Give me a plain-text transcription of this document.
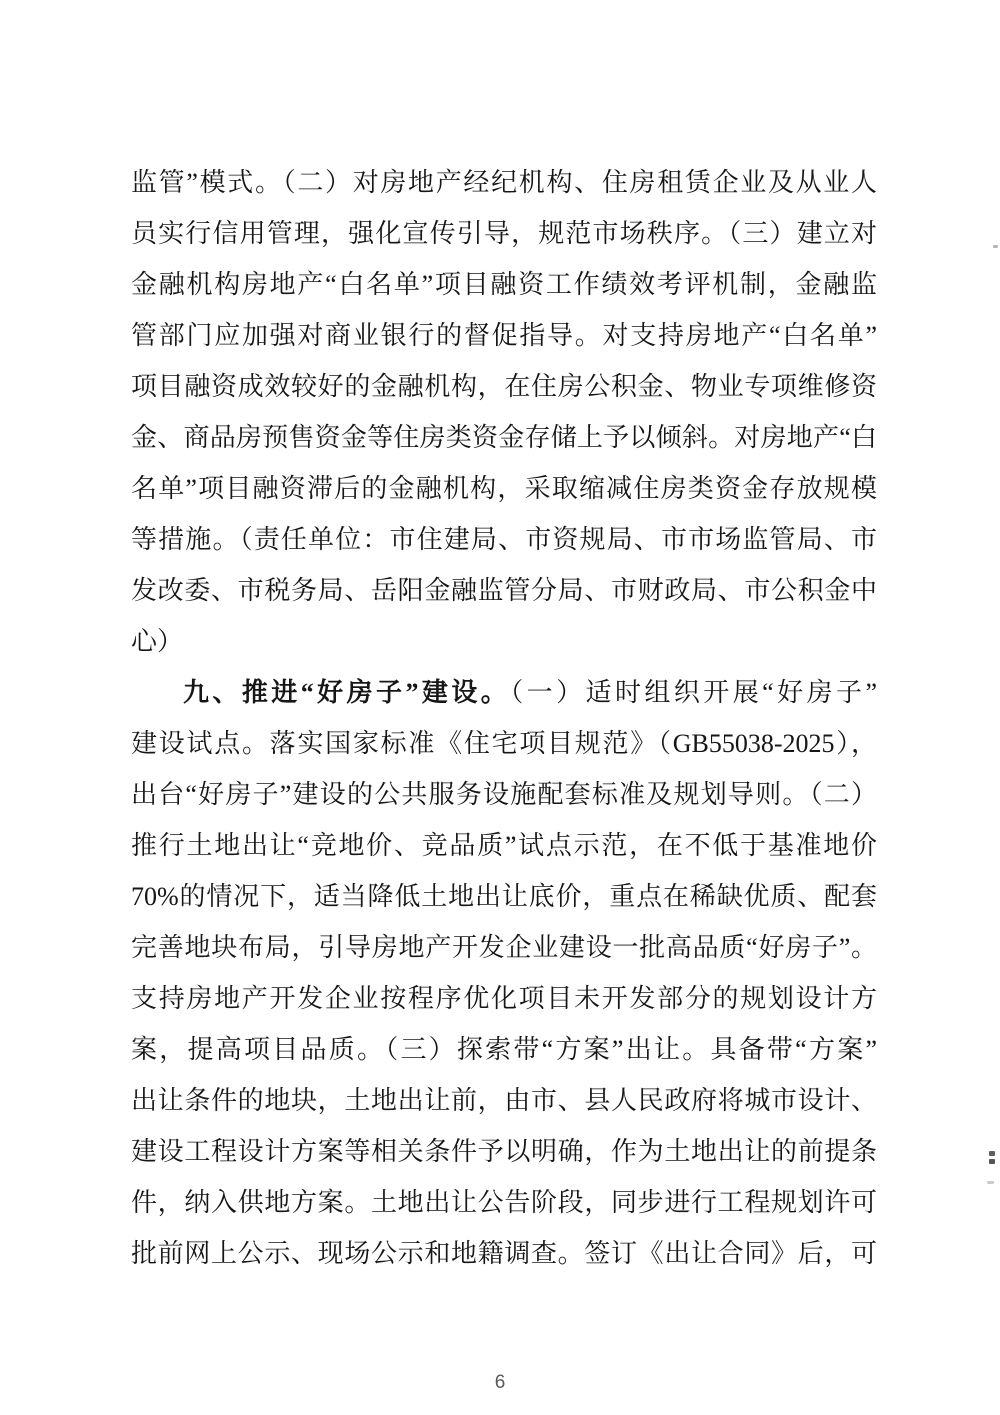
监管”模式。（二）对房地产经纪机构、住房租赁企业及从业人

员实行信用管理，强化宣传引导，规范市场秩序。（三）建立对

金融机构房地产“白名单”项目融资工作绩效考评机制，金融监

管部门应加强对商业银行的督促指导。对支持房地产“白名单”

项目融资成效较好的金融机构，在住房公积金、物业专项维修资

金、商品房预售资金等住房类资金存储上予以倾斜。对房地产“白

名单”项目融资滞后的金融机构，采取缩减住房类资金存放规模

等措施。（责任单位：市住建局、市资规局、市市场监管局、市

发改委、市税务局、岳阳金融监管分局、市财政局、市公积金中

心）

九、推进“好房子”建设。（一）适时组织开展“好房子”

建设试点。落实国家标准《住宅项目规范》（GB55038-2025），

出台“好房子”建设的公共服务设施配套标准及规划导则。（二）

推行土地出让“竞地价、竞品质”试点示范，在不低于基准地价

70%的情况下，适当降低土地出让底价，重点在稀缺优质、配套

完善地块布局，引导房地产开发企业建设一批高品质“好房子”。

支持房地产开发企业按程序优化项目未开发部分的规划设计方

案，提高项目品质。（三）探索带“方案”出让。具备带“方案”

出让条件的地块，土地出让前，由市、县人民政府将城市设计、

建设工程设计方案等相关条件予以明确，作为土地出让的前提条

件，纳入供地方案。土地出让公告阶段，同步进行工程规划许可

批前网上公示、现场公示和地籍调查。签订《出让合同》后，可

6
